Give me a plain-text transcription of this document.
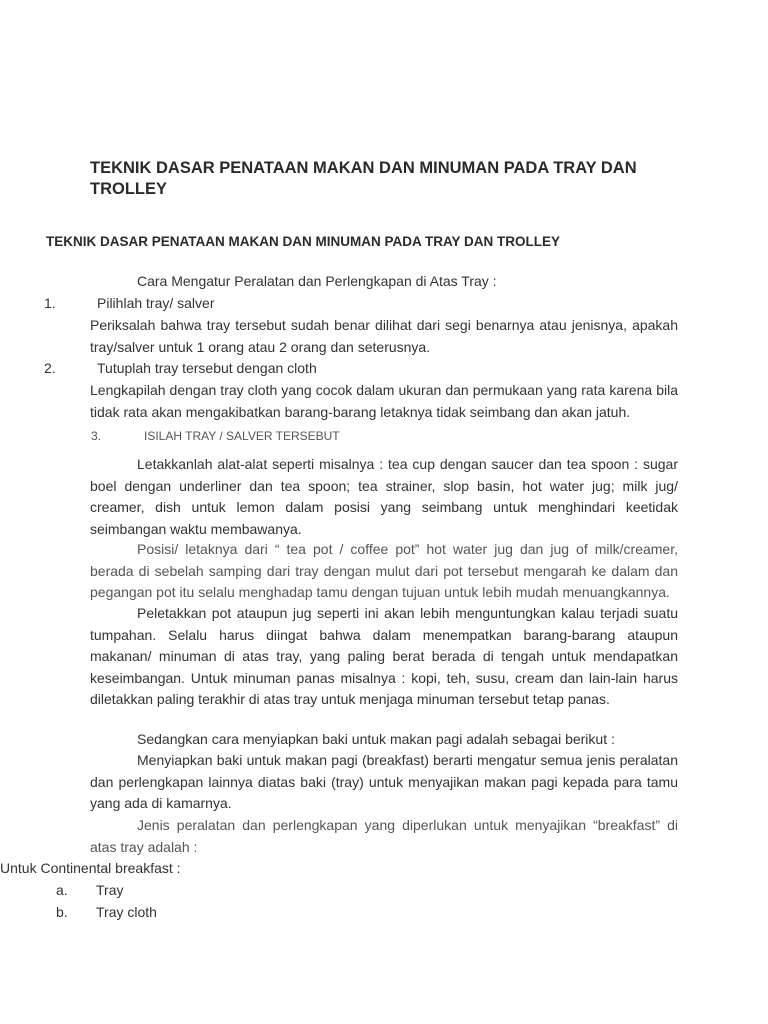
TEKNIK DASAR PENATAAN MAKAN DAN MINUMAN PADA TRAY DAN TROLLEY
TEKNIK DASAR PENATAAN MAKAN DAN MINUMAN PADA TRAY DAN TROLLEY
Cara Mengatur Peralatan dan Perlengkapan di Atas Tray :
1.	Pilihlah tray/ salver
Periksalah bahwa tray tersebut sudah benar dilihat dari segi benarnya atau jenisnya, apakah tray/salver untuk 1 orang atau 2 orang dan seterusnya.
2.	Tutuplah tray tersebut dengan cloth
Lengkapilah dengan tray cloth yang cocok dalam ukuran dan permukaan yang rata karena bila tidak rata akan mengakibatkan barang-barang letaknya tidak seimbang dan akan jatuh.
3.	ISILAH TRAY / SALVER TERSEBUT
Letakkanlah alat-alat seperti misalnya : tea cup dengan saucer dan tea spoon : sugar boel dengan underliner dan tea spoon; tea strainer, slop basin, hot water jug; milk jug/ creamer, dish untuk lemon dalam posisi yang seimbang untuk menghindari keetidak seimbangan waktu membawanya.
Posisi/ letaknya dari “ tea pot / coffee pot” hot water jug dan jug of milk/creamer, berada di sebelah samping dari tray dengan mulut dari pot tersebut mengarah ke dalam dan pegangan pot itu selalu menghadap tamu dengan tujuan untuk lebih mudah menuangkannya.
Peletakkan pot ataupun jug seperti ini akan lebih menguntungkan kalau terjadi suatu tumpahan. Selalu harus diingat bahwa dalam menempatkan barang-barang ataupun makanan/ minuman di atas tray, yang paling berat berada di tengah untuk mendapatkan keseimbangan. Untuk minuman panas misalnya : kopi, teh, susu, cream dan lain-lain harus diletakkan paling terakhir di atas tray untuk menjaga minuman tersebut tetap panas.
Sedangkan cara menyiapkan baki untuk makan pagi adalah sebagai berikut :
Menyiapkan baki untuk makan pagi (breakfast) berarti mengatur semua jenis peralatan dan perlengkapan lainnya diatas baki (tray) untuk menyajikan makan pagi kepada para tamu yang ada di kamarnya.
Jenis peralatan dan perlengkapan yang diperlukan untuk menyajikan “breakfast” di atas tray adalah :
Untuk Continental breakfast :
a. Tray
b. Tray cloth
